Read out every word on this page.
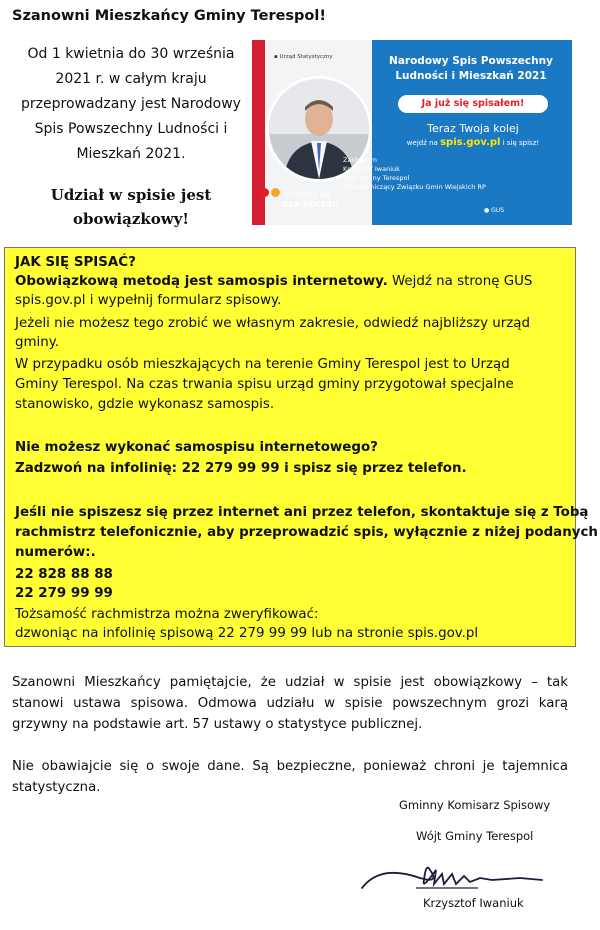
Szanowni Mieszkańcy Gminy Terespol!
Od 1 kwietnia do 30 września
2021 r. w całym kraju
przeprowadzany jest Narodowy
Spis Powszechny Ludności i
Mieszkań 2021.
Udział w spisie jest
obowiązkowy!
▪ Urząd Statystyczny	Narodowy Spis Powszechny
Ludności i Mieszkań 2021
Ja już się spisałem!
Teraz Twoja kolej
wejdź na spis.gov.pl i się spisz!
Zachęcam
Krzysztof Iwaniuk
Wójt Gminy Terespol
Przewodniczący Związku Gmin Wiejskich RP
Liczymy się
DLA POLSKI!
● GUS
JAK SIĘ SPISAĆ?
Obowiązkową metodą jest samospis internetowy. Wejdź na stronę GUS
spis.gov.pl i wypełnij formularz spisowy.
Jeżeli nie możesz tego zrobić we własnym zakresie, odwiedź najbliższy urząd
gminy.
W przypadku osób mieszkających na terenie Gminy Terespol jest to Urząd
Gminy Terespol. Na czas trwania spisu urząd gminy przygotował specjalne
stanowisko, gdzie wykonasz samospis.
Nie możesz wykonać samospisu internetowego?
Zadzwoń na infolinię: 22 279 99 99 i spisz się przez telefon.
Jeśli nie spiszesz się przez internet ani przez telefon, skontaktuje się z Tobą
rachmistrz telefonicznie, aby przeprowadzić spis, wyłącznie z niżej podanych
numerów:.
22 828 88 88
22 279 99 99
Tożsamość rachmistrza można zweryfikować:
dzwoniąc na infolinię spisową 22 279 99 99 lub na stronie spis.gov.pl
Szanowni Mieszkańcy pamiętajcie, że udział w spisie jest obowiązkowy – tak stanowi ustawa spisowa. Odmowa udziału w spisie powszechnym grozi karą grzywny na podstawie art. 57 ustawy o statystyce publicznej.
Nie obawiajcie się o swoje dane. Są bezpieczne, ponieważ chroni je tajemnica statystyczna.
Gminny Komisarz Spisowy
Wójt Gminy Terespol
Krzysztof Iwaniuk
